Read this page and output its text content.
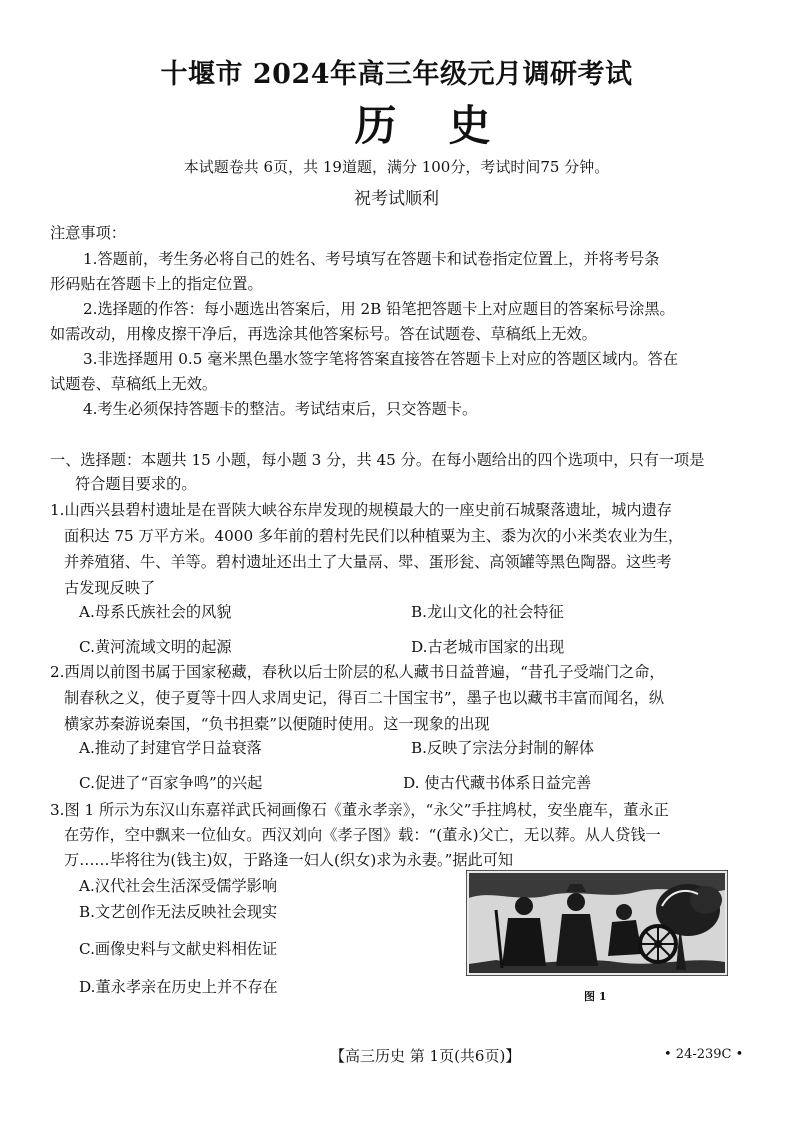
十堰市 2024年高三年级元月调研考试
历史
本试题卷共 6页，共 19道题，满分 100分，考试时间75 分钟。
祝考试顺利
注意事项：
1.答题前，考生务必将自己的姓名、考号填写在答题卡和试卷指定位置上，并将考号条
形码贴在答题卡上的指定位置。
2.选择题的作答：每小题选出答案后，用 2B 铅笔把答题卡上对应题目的答案标号涂黑。
如需改动，用橡皮擦干净后，再选涂其他答案标号。答在试题卷、草稿纸上无效。
3.非选择题用 0.5 毫米黑色墨水签字笔将答案直接答在答题卡上对应的答题区域内。答在
试题卷、草稿纸上无效。
4.考生必须保持答题卡的整洁。考试结束后，只交答题卡。
一、选择题：本题共 15 小题，每小题 3 分，共 45 分。在每小题给出的四个选项中，只有一项是
符合题目要求的。
1.山西兴县碧村遗址是在晋陕大峡谷东岸发现的规模最大的一座史前石城聚落遗址，城内遗存
面积达 75 万平方米。4000 多年前的碧村先民们以种植粟为主、黍为次的小米类农业为生，
并养殖猪、牛、羊等。碧村遗址还出土了大量鬲、斝、蛋形瓮、高领罐等黑色陶器。这些考
古发现反映了
A.母系氏族社会的风貌	B.龙山文化的社会特征
C.黄河流域文明的起源	D.古老城市国家的出现
2.西周以前图书属于国家秘藏，春秋以后士阶层的私人藏书日益普遍，“昔孔子受端门之命，
制春秋之义，使子夏等十四人求周史记，得百二十国宝书”，墨子也以藏书丰富而闻名，纵
横家苏秦游说秦国，“负书担橐”以便随时使用。这一现象的出现
A.推动了封建官学日益衰落	B.反映了宗法分封制的解体
C.促进了“百家争鸣”的兴起	D. 使古代藏书体系日益完善
3.图 1 所示为东汉山东嘉祥武氏祠画像石《董永孝亲》，“永父”手拄鸠杖，安坐鹿车，董永正
在劳作，空中飘来一位仙女。西汉刘向《孝子图》载：“(董永)父亡，无以葬。从人贷钱一
万……毕将往为(钱主)奴，于路逢一妇人(织女)求为永妻。”据此可知
A.汉代社会生活深受儒学影响
B.文艺创作无法反映社会现实
C.画像史料与文献史料相佐证
D.董永孝亲在历史上并不存在
图 1
【高三历史 第 1页(共6页)】	• 24-239C •
